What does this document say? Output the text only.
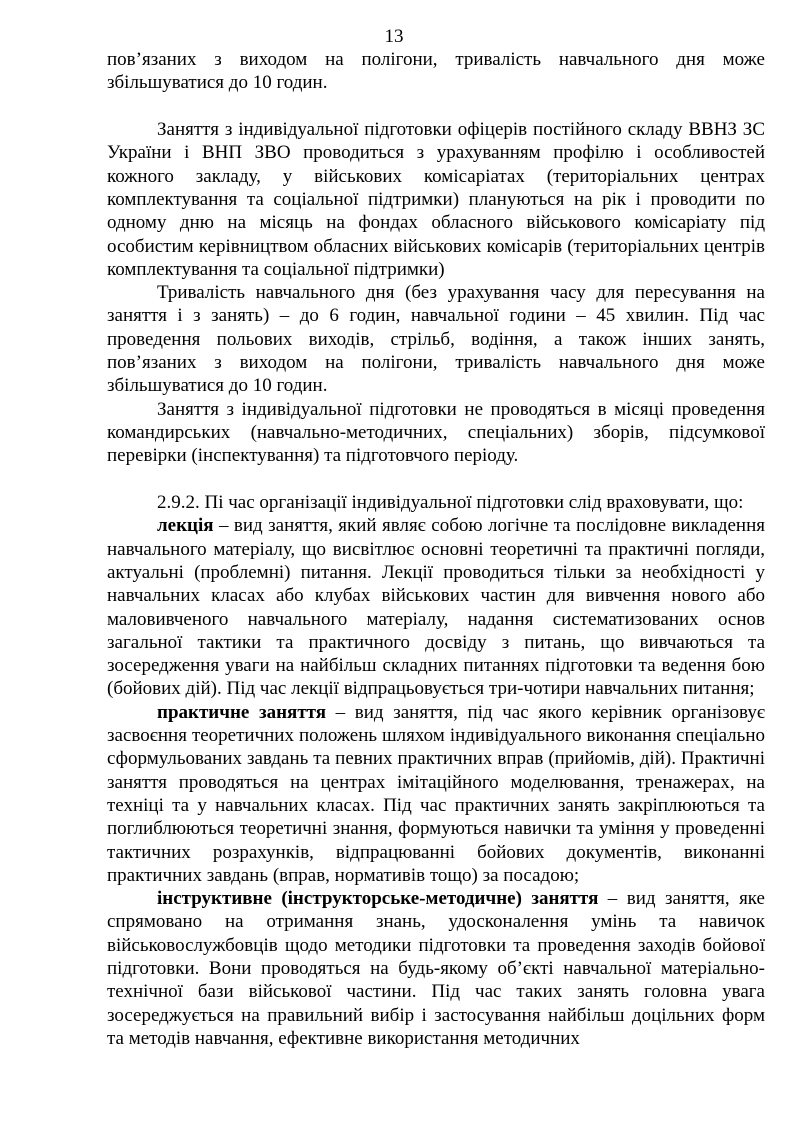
13

пов’язаних з виходом на полігони, тривалість навчального дня може збільшуватися до 10 годин.

Заняття з індивідуальної підготовки офіцерів постійного складу ВВНЗ ЗС України і ВНП ЗВО проводиться з урахуванням профілю і особливостей кожного закладу, у військових комісаріатах (територіальних центрах комплектування та соціальної підтримки) плануються на рік і проводити по одному дню на місяць на фондах обласного військового комісаріату під особистим керівництвом обласних військових комісарів (територіальних центрів комплектування та соціальної підтримки)

Тривалість навчального дня (без урахування часу для пересування на заняття і з занять) – до 6 годин, навчальної години – 45 хвилин. Під час проведення польових виходів, стрільб, водіння, а також інших занять, пов’язаних з виходом на полігони, тривалість навчального дня може збільшуватися до 10 годин.

Заняття з індивідуальної підготовки не проводяться в місяці проведення командирських (навчально-методичних, спеціальних) зборів, підсумкової перевірки (інспектування) та підготовчого періоду.

2.9.2. Пі час організації індивідуальної підготовки слід враховувати, що:

лекція – вид заняття, який являє собою логічне та послідовне викладення навчального матеріалу, що висвітлює основні теоретичні та практичні погляди, актуальні (проблемні) питання. Лекції проводиться тільки за необхідності у навчальних класах або клубах військових частин для вивчення нового або маловивченого навчального матеріалу, надання систематизованих основ загальної тактики та практичного досвіду з питань, що вивчаються та зосередження уваги на найбільш складних питаннях підготовки та ведення бою (бойових дій). Під час лекції відпрацьовується три-чотири навчальних питання;

практичне заняття – вид заняття, під час якого керівник організовує засвоєння теоретичних положень шляхом індивідуального виконання спеціально сформульованих завдань та певних практичних вправ (прийомів, дій). Практичні заняття проводяться на центрах імітаційного моделювання, тренажерах, на техніці та у навчальних класах. Під час практичних занять закріплюються та поглиблюються теоретичні знання, формуються навички та уміння у проведенні тактичних розрахунків, відпрацюванні бойових документів, виконанні практичних завдань (вправ, нормативів тощо) за посадою;

інструктивне (інструкторське-методичне) заняття – вид заняття, яке спрямовано на отримання знань, удосконалення умінь та навичок військовослужбовців щодо методики підготовки та проведення заходів бойової підготовки. Вони проводяться на будь-якому об’єкті навчальної матеріально-технічної бази військової частини. Під час таких занять головна увага зосереджується на правильний вибір і застосування найбільш доцільних форм та методів навчання, ефективне використання методичних
